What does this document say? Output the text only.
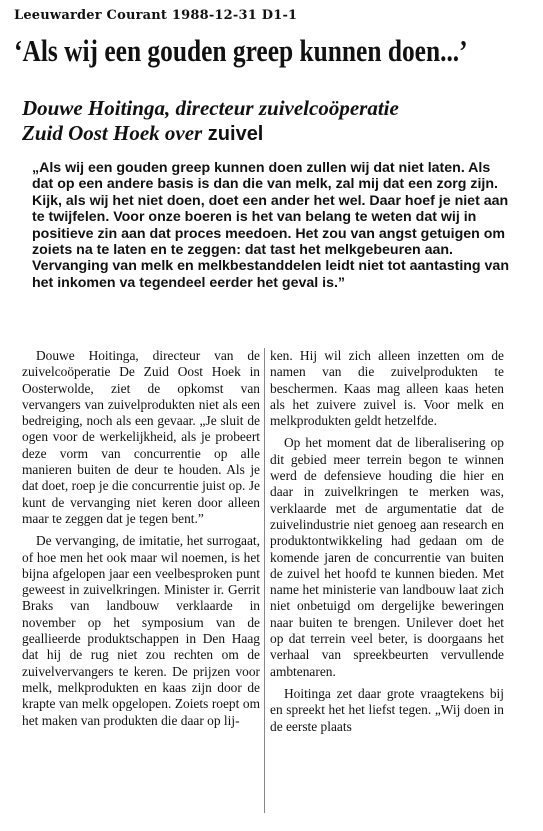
Leeuwarder Courant 1988-12-31 D1-1
‘Als wij een gouden greep kunnen doen...’
Douwe Hoitinga, directeur zuivelcoöperatie
Zuid Oost Hoek over zuivel
„Als wij een gouden greep kunnen doen zullen wij dat niet laten. Als dat op een andere basis is dan die van melk, zal mij dat een zorg zijn. Kijk, als wij het niet doen, doet een ander het wel. Daar hoef je niet aan te twijfelen. Voor onze boeren is het van belang te weten dat wij in positieve zin aan dat proces meedoen. Het zou van angst getuigen om zoiets na te laten en te zeggen: dat tast het melkgebeuren aan. Vervanging van melk en melkbestanddelen leidt niet tot aantasting van het inkomen va tegendeel eerder het geval is.”

Douwe Hoitinga, directeur van de zuivelcoöperatie De Zuid Oost Hoek in Oosterwolde, ziet de opkomst van vervangers van zuivelprodukten niet als een bedreiging, noch als een gevaar. „Je sluit de ogen voor de werkelijkheid, als je probeert deze vorm van concurrentie op alle manieren buiten de deur te houden. Als je dat doet, roep je die concurrentie juist op. Je kunt de vervanging niet keren door alleen maar te zeggen dat je tegen bent.”

De vervanging, de imitatie, het surrogaat, of hoe men het ook maar wil noemen, is het bijna afgelopen jaar een veelbesproken punt geweest in zuivelkringen. Minister ir. Gerrit Braks van landbouw verklaarde in november op het symposium van de geallieerde produktschappen in Den Haag dat hij de rug niet zou rechten om de zuivelvervangers te keren. De prijzen voor melk, melkprodukten en kaas zijn door de krapte van melk opgelopen. Zoiets roept om het maken van produkten die daar op lij-

ken. Hij wil zich alleen inzetten om de namen van die zuivelprodukten te beschermen. Kaas mag alleen kaas heten als het zuivere zuivel is. Voor melk en melkprodukten geldt hetzelfde.

Op het moment dat de liberalisering op dit gebied meer terrein begon te winnen werd de defensieve houding die hier en daar in zuivelkringen te merken was, verklaarde met de argumentatie dat de zuivelindustrie niet genoeg aan research en produktontwikkeling had gedaan om de komende jaren de concurrentie van buiten de zuivel het hoofd te kunnen bieden. Met name het ministerie van landbouw laat zich niet onbetuigd om dergelijke beweringen naar buiten te brengen. Unilever doet het op dat terrein veel beter, is doorgaans het verhaal van spreekbeurten vervullende ambtenaren.

Hoitinga zet daar grote vraagtekens bij en spreekt het het liefst tegen. „Wij doen in de eerste plaats
